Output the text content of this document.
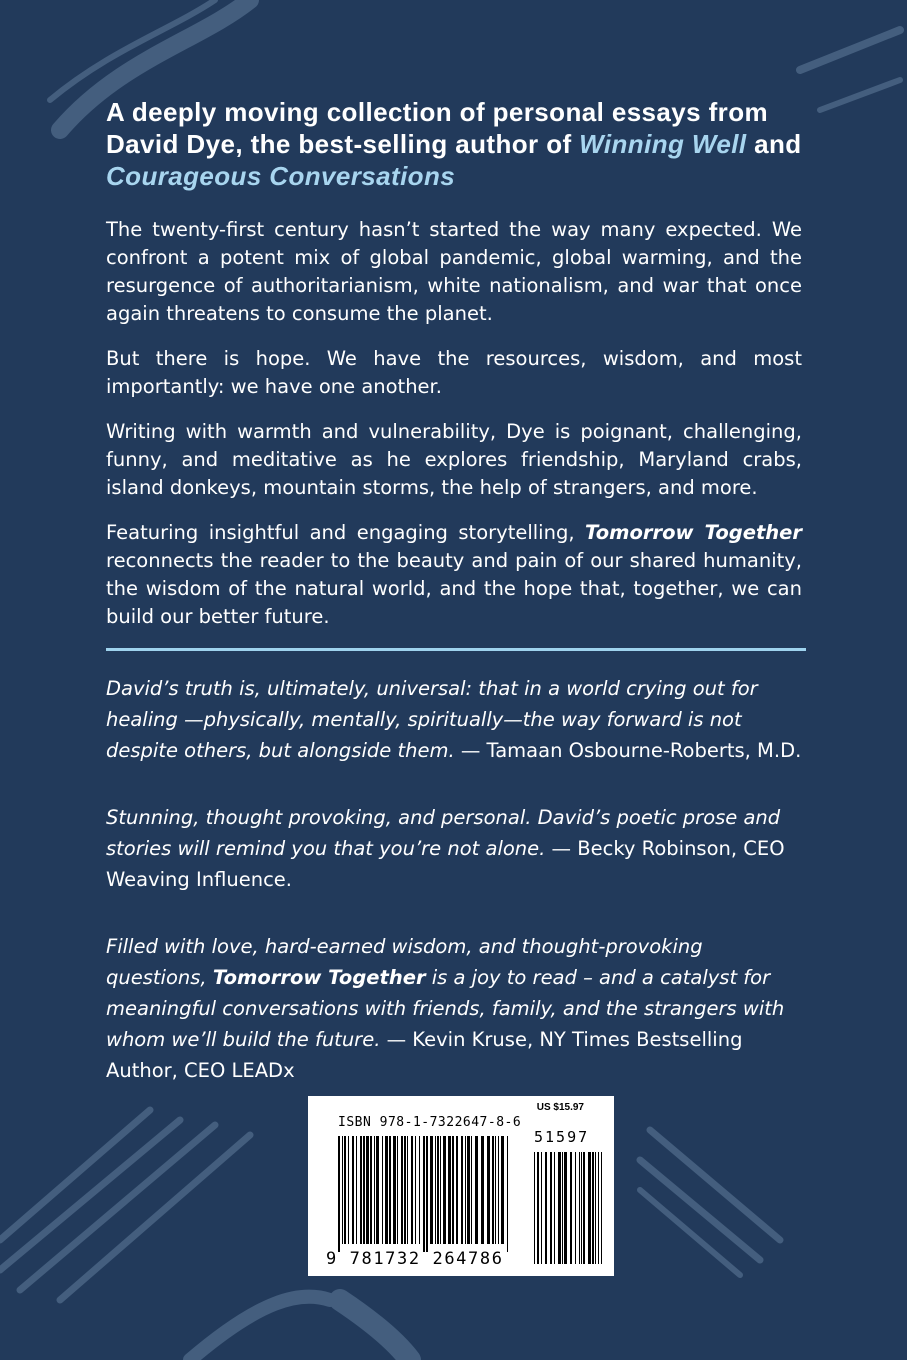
A deeply moving collection of personal essays from David Dye, the best-selling author of Winning Well and Courageous Conversations

The twenty-first century hasn’t started the way many expected. We confront a potent mix of global pandemic, global warming, and the resurgence of authoritarianism, white nationalism, and war that once again threatens to consume the planet.

But there is hope. We have the resources, wisdom, and most importantly: we have one another.

Writing with warmth and vulnerability, Dye is poignant, challenging, funny, and meditative as he explores friendship, Maryland crabs, island donkeys, mountain storms, the help of strangers, and more.

Featuring insightful and engaging storytelling, Tomorrow Together reconnects the reader to the beauty and pain of our shared humanity, the wisdom of the natural world, and the hope that, together, we can build our better future.

David’s truth is, ultimately, universal: that in a world crying out for healing —physically, mentally, spiritually—the way forward is not despite others, but alongside them. — Tamaan Osbourne-Roberts, M.D.

Stunning, thought provoking, and personal. David’s poetic prose and stories will remind you that you’re not alone. — Becky Robinson, CEO Weaving Influence.

Filled with love, hard-earned wisdom, and thought-provoking questions, Tomorrow Together is a joy to read – and a catalyst for meaningful conversations with friends, family, and the strangers with whom we’ll build the future. — Kevin Kruse, NY Times Bestselling Author, CEO LEADx

US $15.97
ISBN 978-1-7322647-8-6
51597
9 781732 264786
